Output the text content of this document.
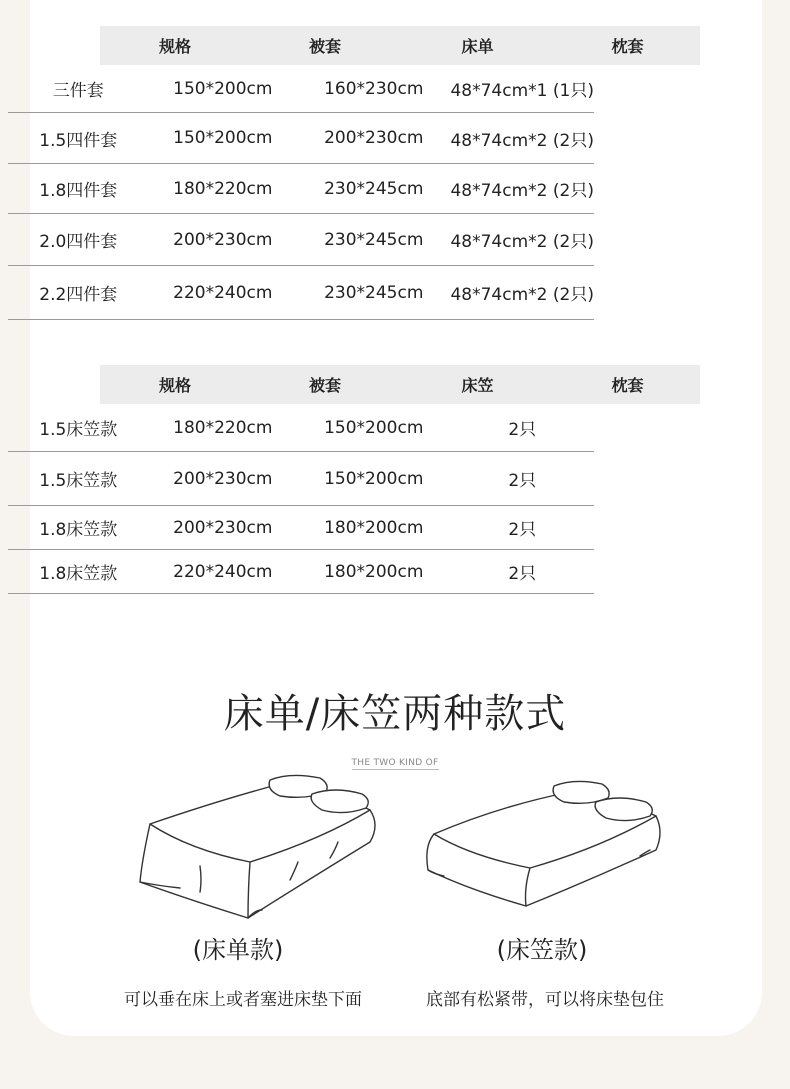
规格	被套	床单	枕套
三件套	150*200cm	160*230cm	48*74cm*1 (1只)
1.5四件套	150*200cm	200*230cm	48*74cm*2 (2只)
1.8四件套	180*220cm	230*245cm	48*74cm*2 (2只)
2.0四件套	200*230cm	230*245cm	48*74cm*2 (2只)
2.2四件套	220*240cm	230*245cm	48*74cm*2 (2只)
规格	被套	床笠	枕套
1.5床笠款	180*220cm	150*200cm	2只
1.5床笠款	200*230cm	150*200cm	2只
1.8床笠款	200*230cm	180*200cm	2只
1.8床笠款	220*240cm	180*200cm	2只
床单/床笠两种款式
THE TWO KIND OF
(床单款)	(床笠款)
可以垂在床上或者塞进床垫下面	底部有松紧带，可以将床垫包住
